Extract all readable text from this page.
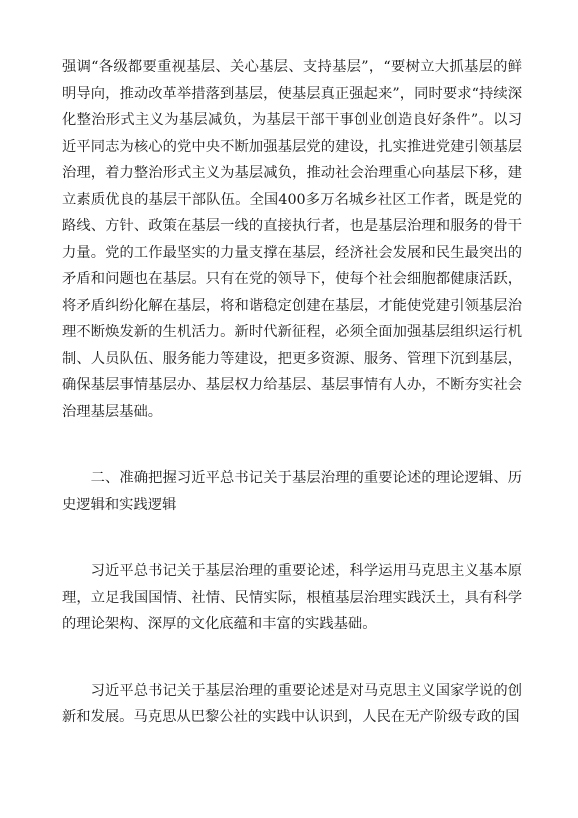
强调“各级都要重视基层、关心基层、支持基层”，“要树立大抓基层的鲜明导向，推动改革举措落到基层，使基层真正强起来”，同时要求“持续深化整治形式主义为基层减负，为基层干部干事创业创造良好条件”。以习近平同志为核心的党中央不断加强基层党的建设，扎实推进党建引领基层治理，着力整治形式主义为基层减负，推动社会治理重心向基层下移，建立素质优良的基层干部队伍。全国400多万名城乡社区工作者，既是党的路线、方针、政策在基层一线的直接执行者，也是基层治理和服务的骨干力量。党的工作最坚实的力量支撑在基层，经济社会发展和民生最突出的矛盾和问题也在基层。只有在党的领导下，使每个社会细胞都健康活跃，将矛盾纠纷化解在基层，将和谐稳定创建在基层，才能使党建引领基层治理不断焕发新的生机活力。新时代新征程，必须全面加强基层组织运行机制、人员队伍、服务能力等建设，把更多资源、服务、管理下沉到基层，确保基层事情基层办、基层权力给基层、基层事情有人办，不断夯实社会治理基层基础。

二、准确把握习近平总书记关于基层治理的重要论述的理论逻辑、历史逻辑和实践逻辑

习近平总书记关于基层治理的重要论述，科学运用马克思主义基本原理，立足我国国情、社情、民情实际，根植基层治理实践沃土，具有科学的理论架构、深厚的文化底蕴和丰富的实践基础。

习近平总书记关于基层治理的重要论述是对马克思主义国家学说的创新和发展。马克思从巴黎公社的实践中认识到，人民在无产阶级专政的国
